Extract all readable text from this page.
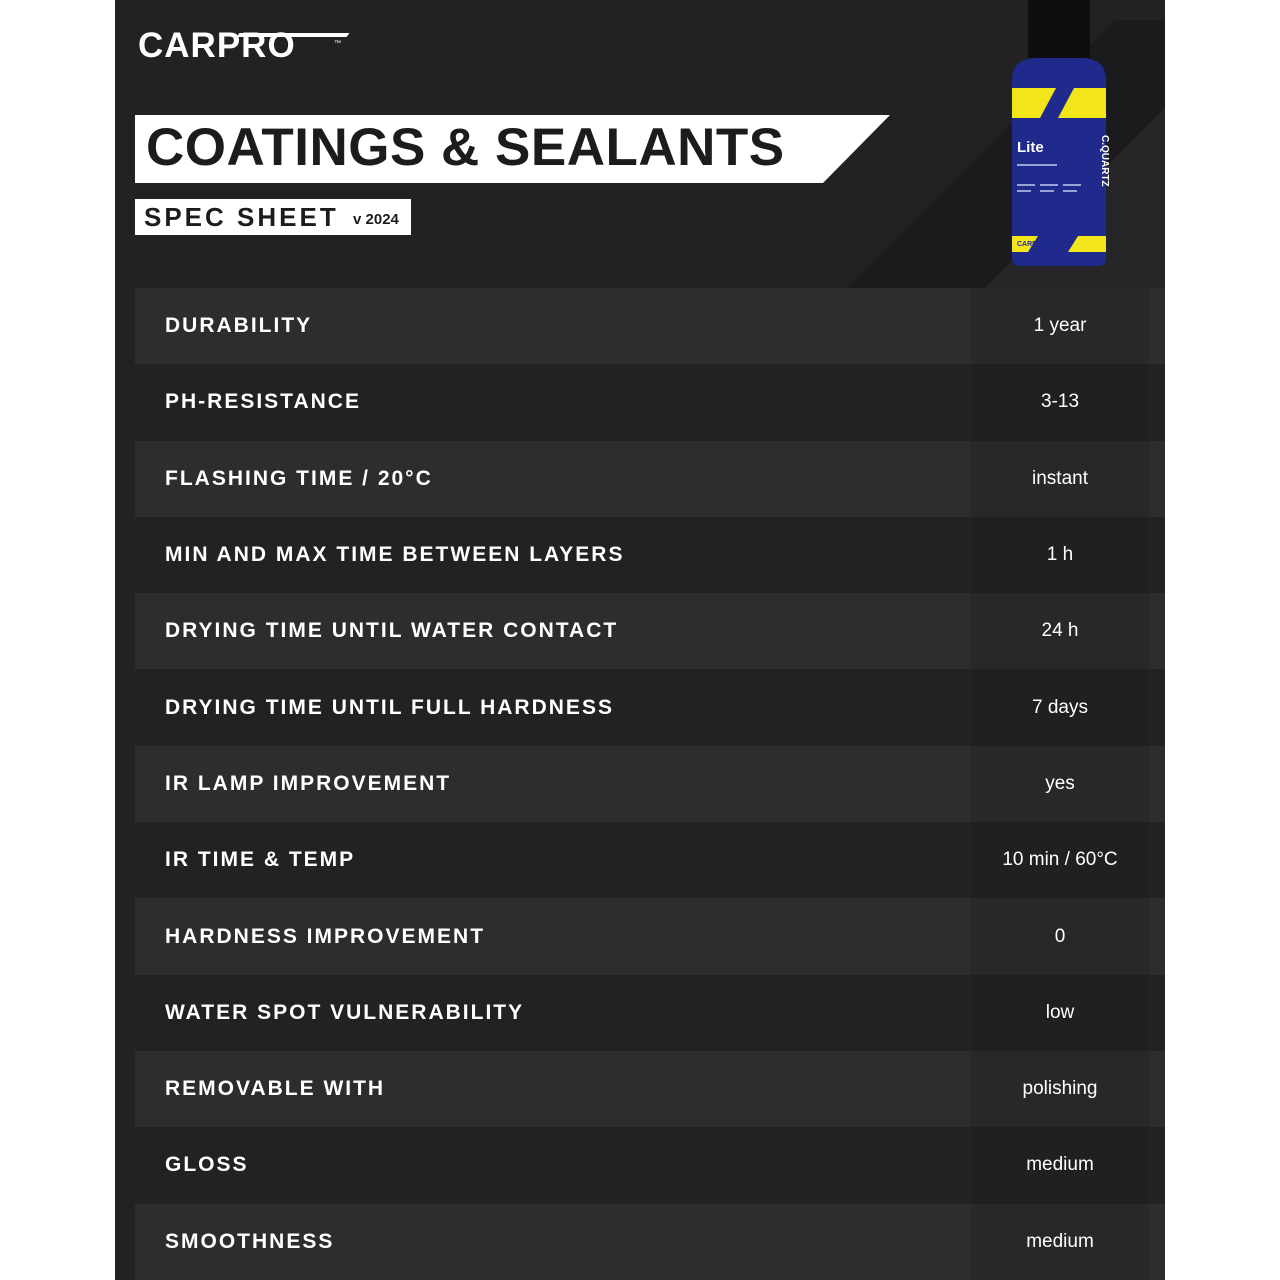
CARPRO	™
COATINGS & SEALANTS
SPEC SHEET v 2024
Lite
CARPRO
C.QUARTZ
DURABILITY	1 year
PH-RESISTANCE	3-13
FLASHING TIME / 20°C	instant
MIN AND MAX TIME BETWEEN LAYERS	1 h
DRYING TIME UNTIL WATER CONTACT	24 h
DRYING TIME UNTIL FULL HARDNESS	7 days
IR LAMP IMPROVEMENT	yes
IR TIME & TEMP	10 min / 60°C
HARDNESS IMPROVEMENT	0
WATER SPOT VULNERABILITY	low
REMOVABLE WITH	polishing
GLOSS	medium
SMOOTHNESS	medium
